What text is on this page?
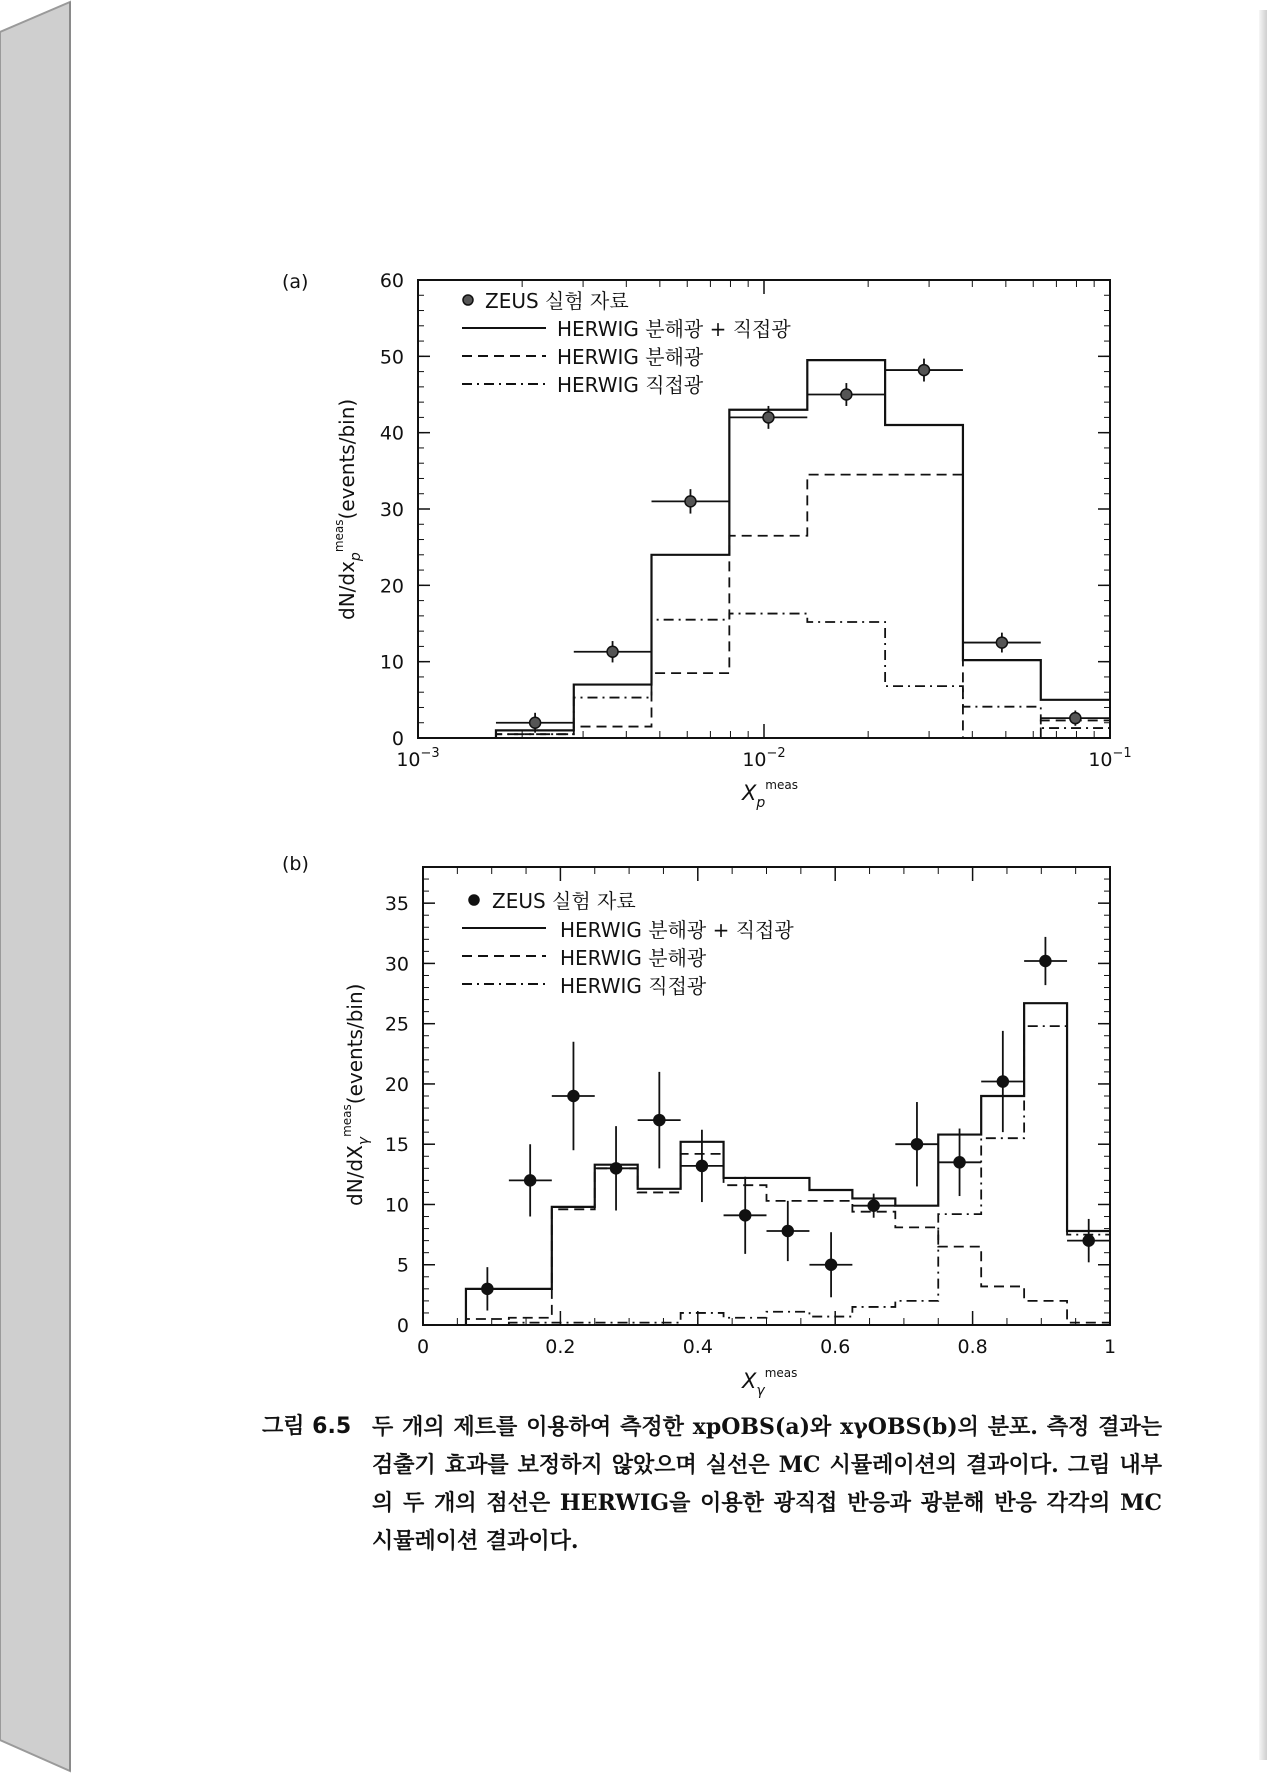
(a)
0
10
20
30
40
50
60
$10^{-3}$	$10^{-2}$	$10^{-1}$
ZEUS 실험 자료
HERWIG 분해광 + 직접광
HERWIG 분해광
HERWIG 직접광
$dN/dx_p^{meas}(events/bin)$
$X_p^{meas}$
(b)
0
5
10
15
20
25
30
35
0	0.2	0.4	0.6	0.8	1
ZEUS 실험 자료
HERWIG 분해광 + 직접광
HERWIG 분해광
HERWIG 직접광
$dN/dX_\gamma^{meas}(events/bin)$
$X_\gamma^{meas}$
그림 6.5 두 개의 제트를 이용하여 측정한 xpOBS(a)와 xγOBS(b)의 분포. 측정 결과는 검출기 효과를 보정하지 않았으며 실선은 MC 시뮬레이션의 결과이다. 그림 내부의 두 개의 점선은 HERWIG을 이용한 광직접 반응과 광분해 반응 각각의 MC 시뮬레이션 결과이다.
